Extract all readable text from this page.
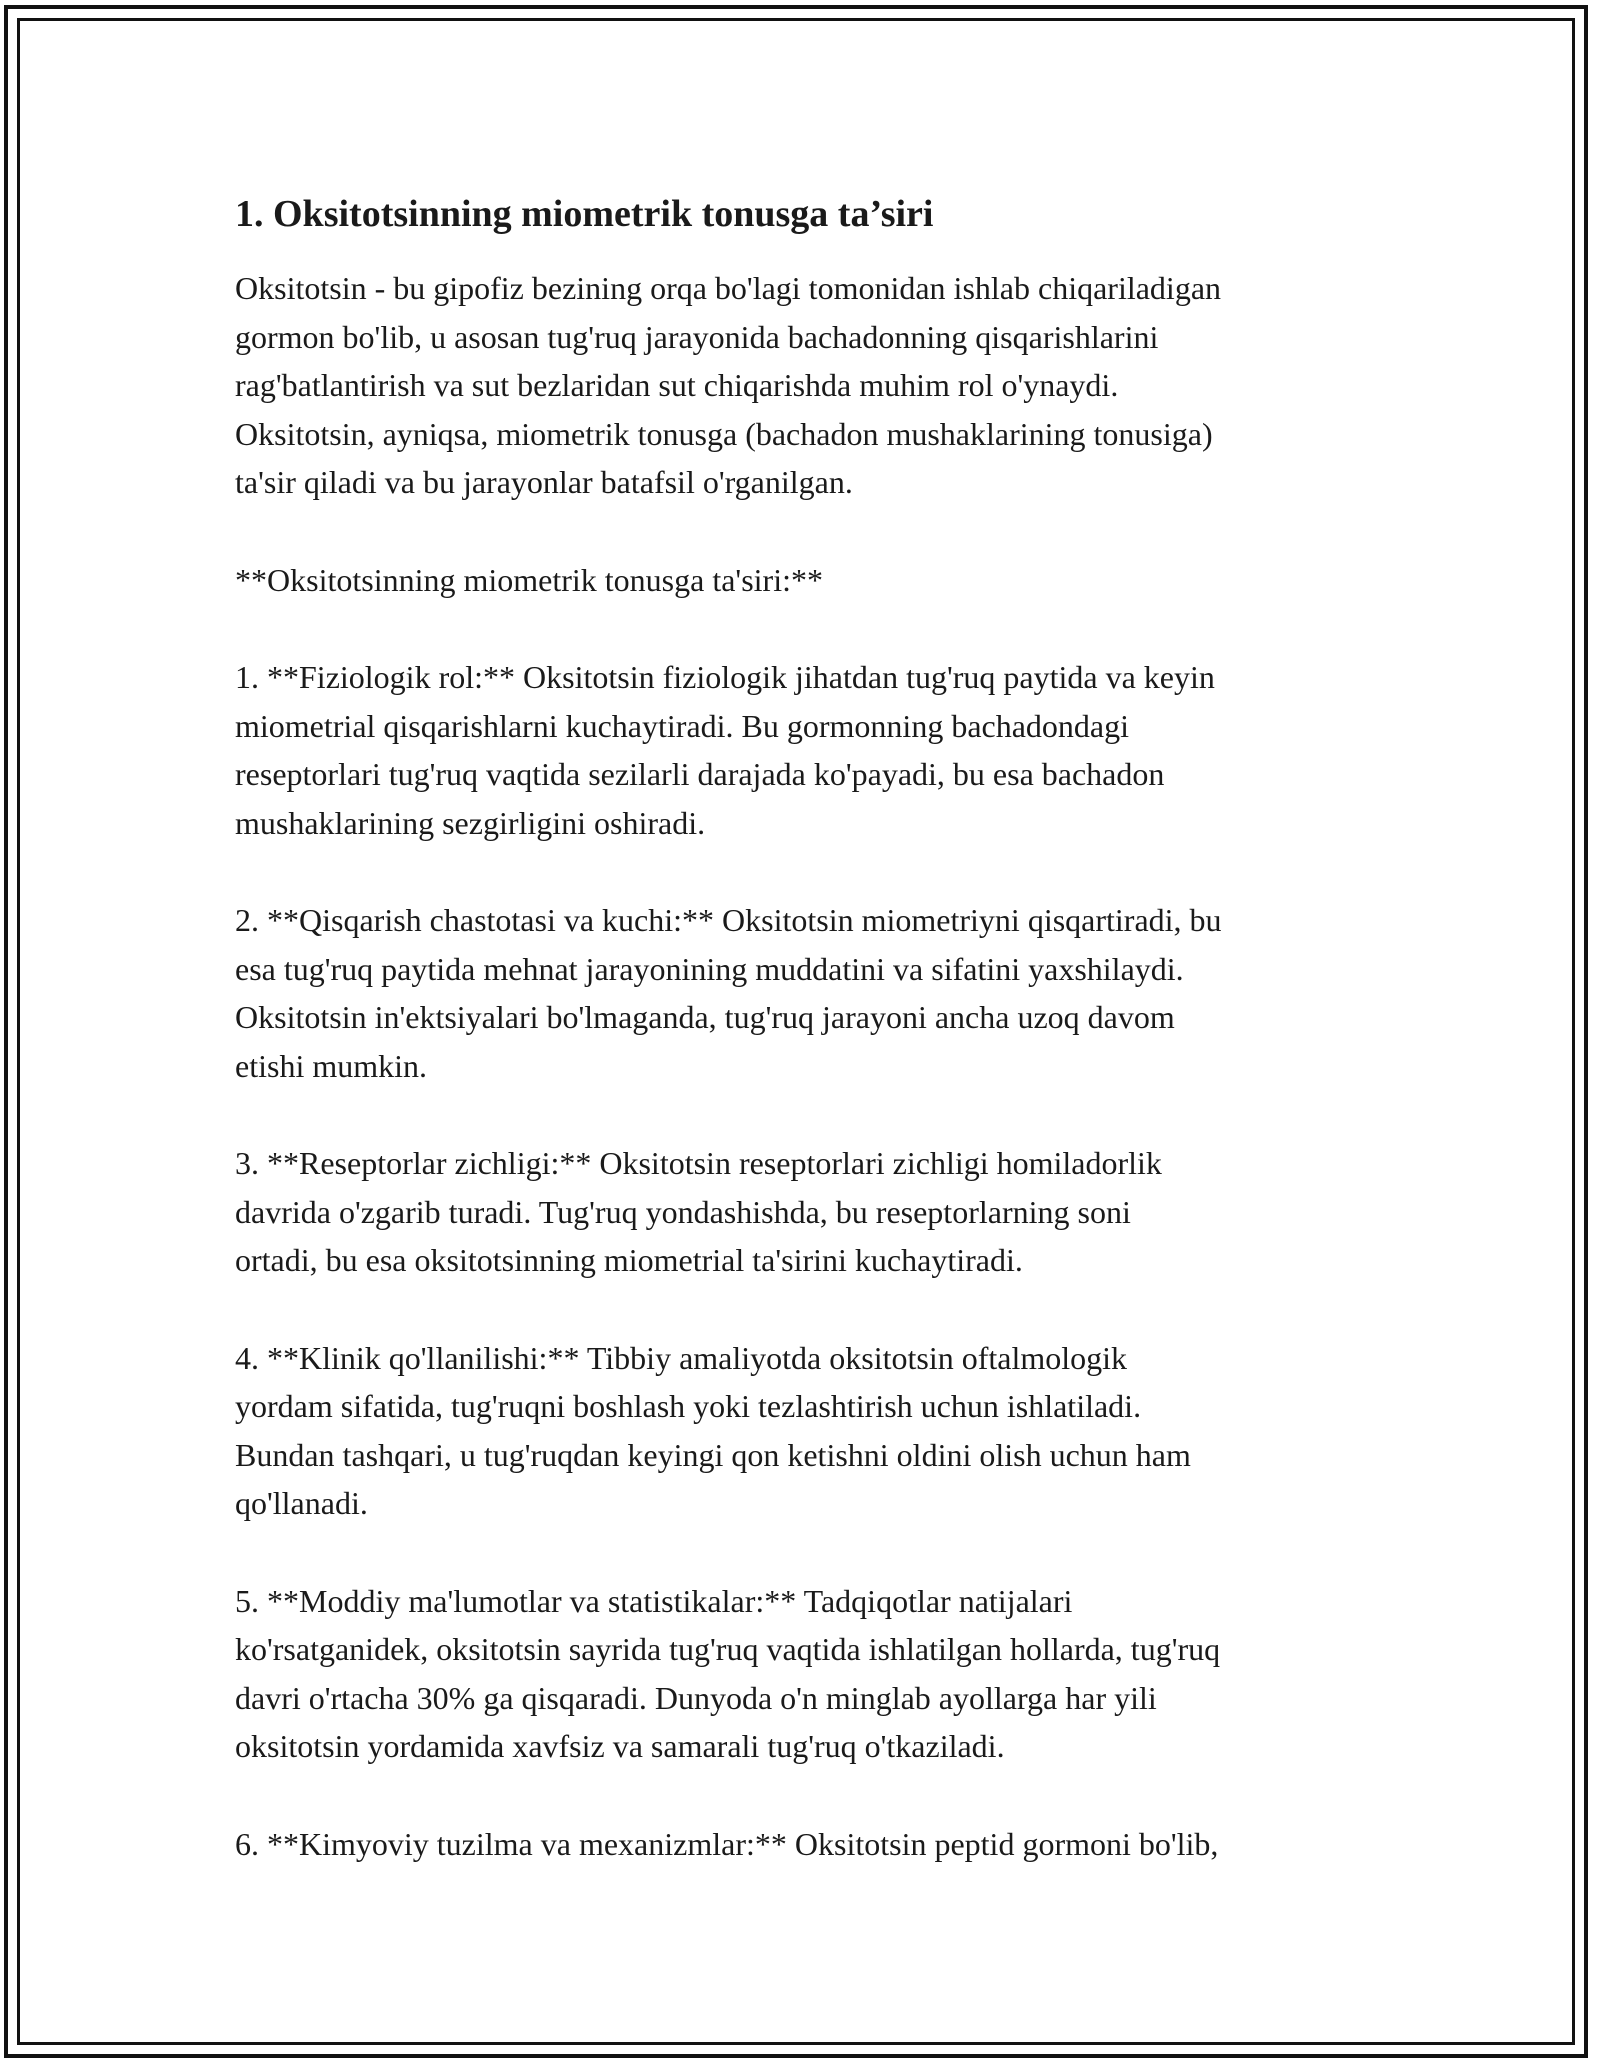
1. Oksitotsinning miometrik tonusga ta’siri

Oksitotsin - bu gipofiz bezining orqa bo'lagi tomonidan ishlab chiqariladigan
gormon bo'lib, u asosan tug'ruq jarayonida bachadonning qisqarishlarini
rag'batlantirish va sut bezlaridan sut chiqarishda muhim rol o'ynaydi.
Oksitotsin, ayniqsa, miometrik tonusga (bachadon mushaklarining tonusiga)
ta'sir qiladi va bu jarayonlar batafsil o'rganilgan.

**Oksitotsinning miometrik tonusga ta'siri:**

1. **Fiziologik rol:** Oksitotsin fiziologik jihatdan tug'ruq paytida va keyin
miometrial qisqarishlarni kuchaytiradi. Bu gormonning bachadondagi
reseptorlari tug'ruq vaqtida sezilarli darajada ko'payadi, bu esa bachadon
mushaklarining sezgirligini oshiradi.

2. **Qisqarish chastotasi va kuchi:** Oksitotsin miometriyni qisqartiradi, bu
esa tug'ruq paytida mehnat jarayonining muddatini va sifatini yaxshilaydi.
Oksitotsin in'ektsiyalari bo'lmaganda, tug'ruq jarayoni ancha uzoq davom
etishi mumkin.

3. **Reseptorlar zichligi:** Oksitotsin reseptorlari zichligi homiladorlik
davrida o'zgarib turadi. Tug'ruq yondashishda, bu reseptorlarning soni
ortadi, bu esa oksitotsinning miometrial ta'sirini kuchaytiradi.

4. **Klinik qo'llanilishi:** Tibbiy amaliyotda oksitotsin oftalmologik
yordam sifatida, tug'ruqni boshlash yoki tezlashtirish uchun ishlatiladi.
Bundan tashqari, u tug'ruqdan keyingi qon ketishni oldini olish uchun ham
qo'llanadi.

5. **Moddiy ma'lumotlar va statistikalar:** Tadqiqotlar natijalari
ko'rsatganidek, oksitotsin sayrida tug'ruq vaqtida ishlatilgan hollarda, tug'ruq
davri o'rtacha 30% ga qisqaradi. Dunyoda o'n minglab ayollarga har yili
oksitotsin yordamida xavfsiz va samarali tug'ruq o'tkaziladi.

6. **Kimyoviy tuzilma va mexanizmlar:** Oksitotsin peptid gormoni bo'lib,
